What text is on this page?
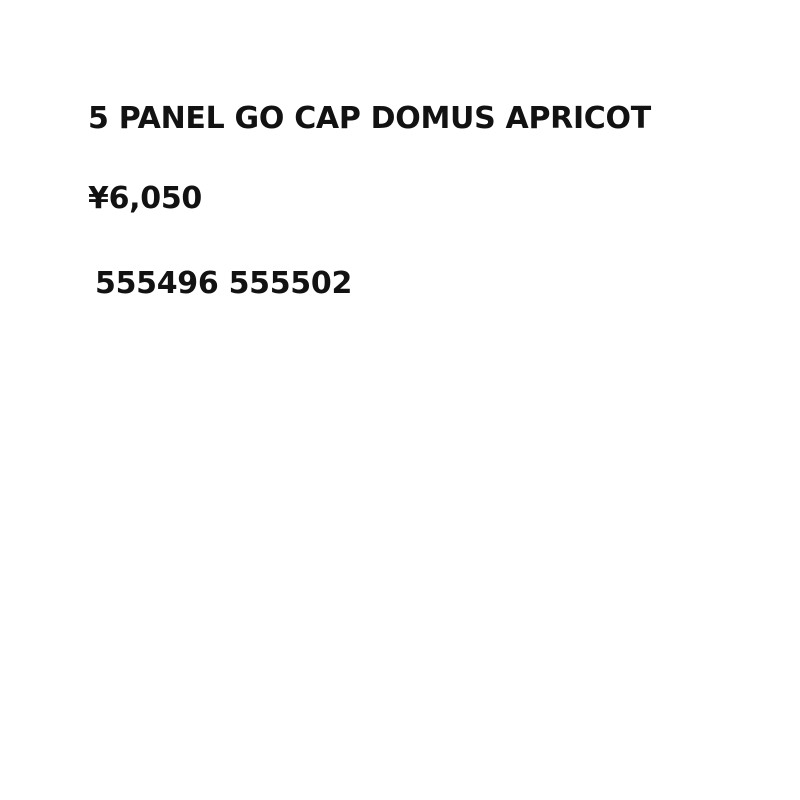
5 PANEL GO CAP DOMUS APRICOT
¥6,050
555496 555502
